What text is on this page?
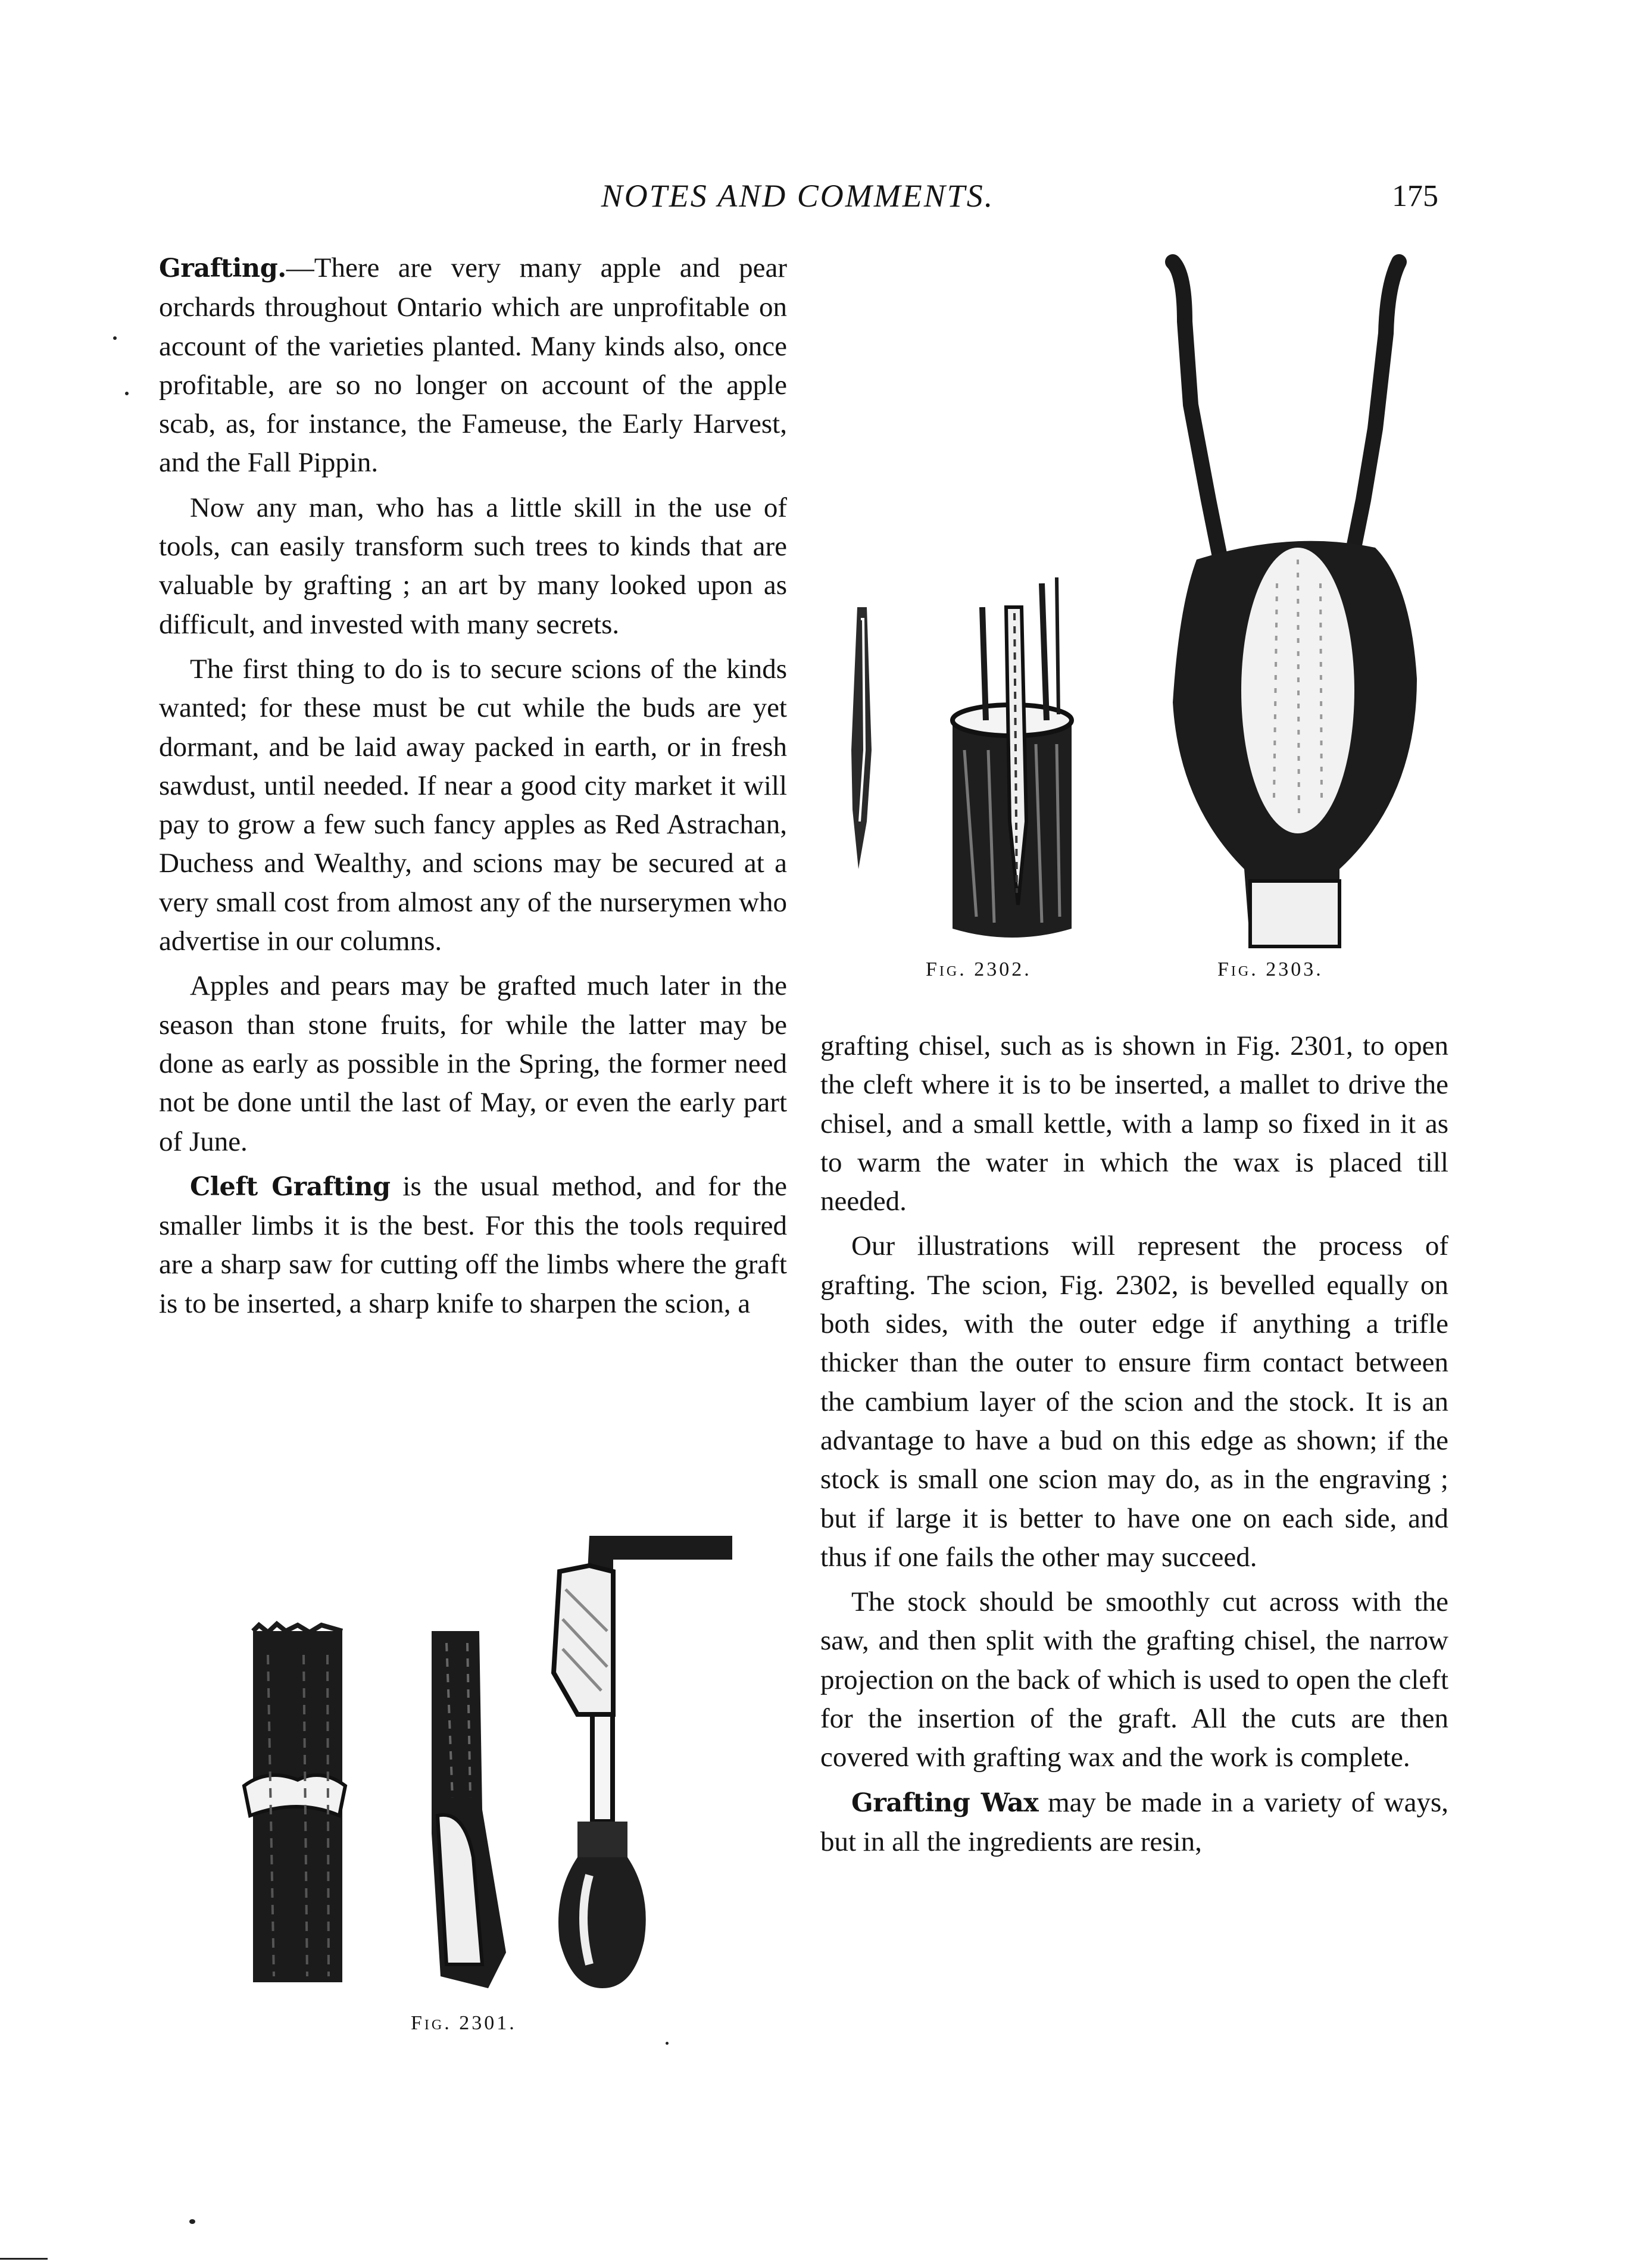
NOTES AND COMMENTS.	175

Grafting.—There are very many apple and pear orchards throughout Ontario which are unprofitable on account of the varieties planted. Many kinds also, once profitable, are so no longer on account of the apple scab, as, for instance, the Fameuse, the Early Harvest, and the Fall Pippin.

Now any man, who has a little skill in the use of tools, can easily transform such trees to kinds that are valuable by grafting ; an art by many looked upon as difficult, and invested with many secrets.

The first thing to do is to secure scions of the kinds wanted; for these must be cut while the buds are yet dormant, and be laid away packed in earth, or in fresh sawdust, until needed. If near a good city market it will pay to grow a few such fancy apples as Red Astrachan, Duchess and Wealthy, and scions may be secured at a very small cost from almost any of the nurserymen who advertise in our columns.

Apples and pears may be grafted much later in the season than stone fruits, for while the latter may be done as early as possible in the Spring, the former need not be done until the last of May, or even the early part of June.

Cleft Grafting is the usual method, and for the smaller limbs it is the best. For this the tools required are a sharp saw for cutting off the limbs where the graft is to be inserted, a sharp knife to sharpen the scion, a

grafting chisel, such as is shown in Fig. 2301, to open the cleft where it is to be inserted, a mallet to drive the chisel, and a small kettle, with a lamp so fixed in it as to warm the water in which the wax is placed till needed.

Our illustrations will represent the process of grafting. The scion, Fig. 2302, is bevelled equally on both sides, with the outer edge if anything a trifle thicker than the outer to ensure firm contact between the cambium layer of the scion and the stock. It is an advantage to have a bud on this edge as shown; if the stock is small one scion may do, as in the engraving ; but if large it is better to have one on each side, and thus if one fails the other may succeed.

The stock should be smoothly cut across with the saw, and then split with the grafting chisel, the narrow projection on the back of which is used to open the cleft for the insertion of the graft. All the cuts are then covered with grafting wax and the work is complete.

Grafting Wax may be made in a variety of ways, but in all the ingredients are resin,

Fig. 2302.	Fig. 2303.
Fig. 2301.
